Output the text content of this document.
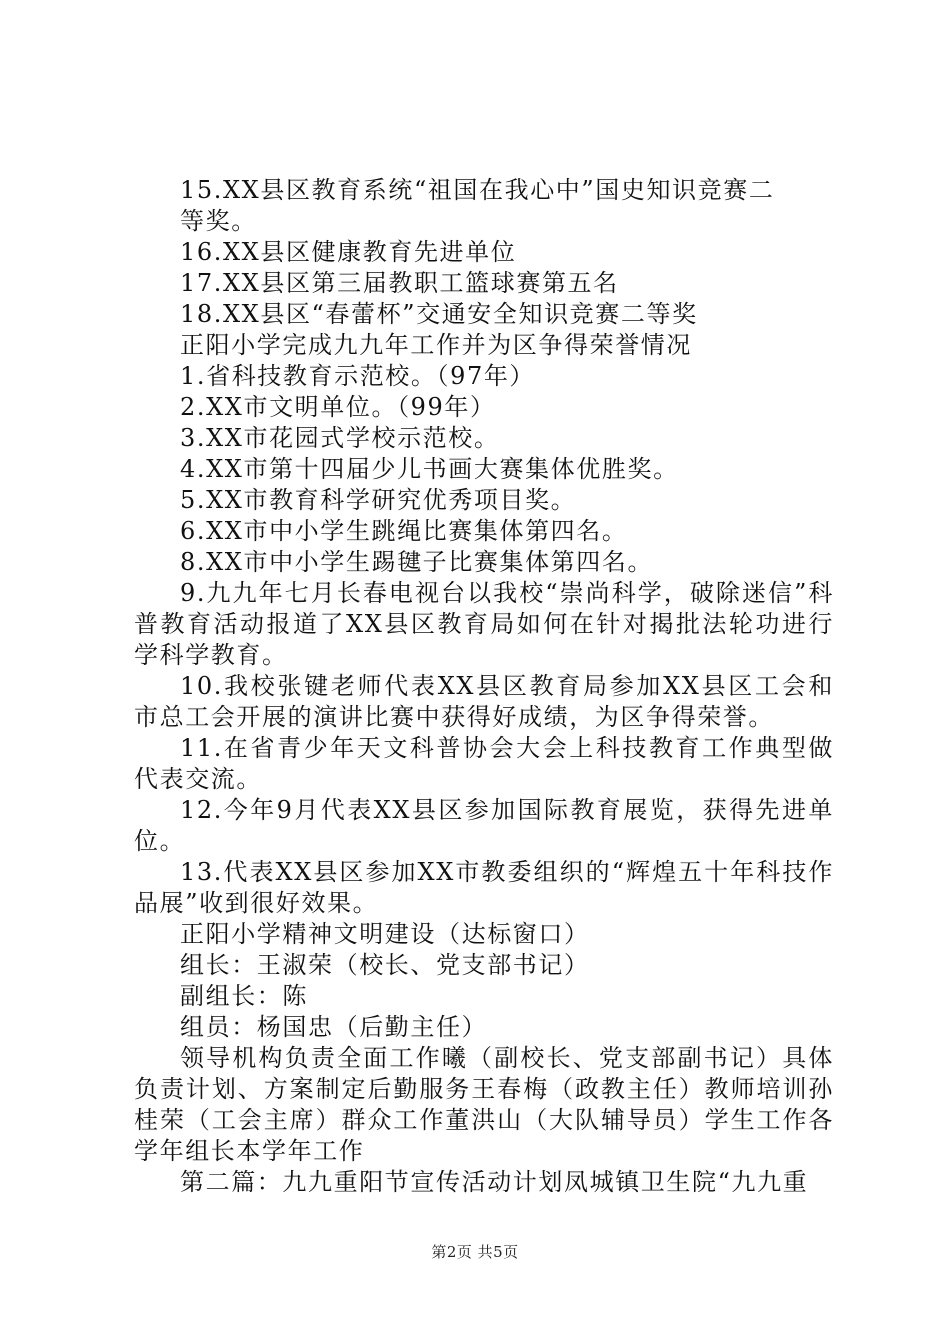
15.XX县区教育系统“祖国在我心中”国史知识竞赛二
等奖。
16.XX县区健康教育先进单位
17.XX县区第三届教职工篮球赛第五名
18.XX县区“春蕾杯”交通安全知识竞赛二等奖
正阳小学完成九九年工作并为区争得荣誉情况
1.省科技教育示范校。（97年）
2.XX市文明单位。（99年）
3.XX市花园式学校示范校。
4.XX市第十四届少儿书画大赛集体优胜奖。
5.XX市教育科学研究优秀项目奖。
6.XX市中小学生跳绳比赛集体第四名。
8.XX市中小学生踢毽子比赛集体第四名。
9.九九年七月长春电视台以我校“崇尚科学，破除迷信”科普教育活动报道了XX县区教育局如何在针对揭批法轮功进行学科学教育。
10.我校张键老师代表XX县区教育局参加XX县区工会和市总工会开展的演讲比赛中获得好成绩，为区争得荣誉。
11.在省青少年天文科普协会大会上科技教育工作典型做代表交流。
12.今年9月代表XX县区参加国际教育展览，获得先进单位。
13.代表XX县区参加XX市教委组织的“辉煌五十年科技作品展”收到很好效果。
正阳小学精神文明建设（达标窗口）
组长：王淑荣（校长、党支部书记）
副组长：陈
组员：杨国忠（后勤主任）
领导机构负责全面工作曦（副校长、党支部副书记）具体负责计划、方案制定后勤服务王春梅（政教主任）教师培训孙桂荣（工会主席）群众工作董洪山（大队辅导员）学生工作各学年组长本学年工作
第二篇：九九重阳节宣传活动计划凤城镇卫生院“九九重
第2页 共5页
